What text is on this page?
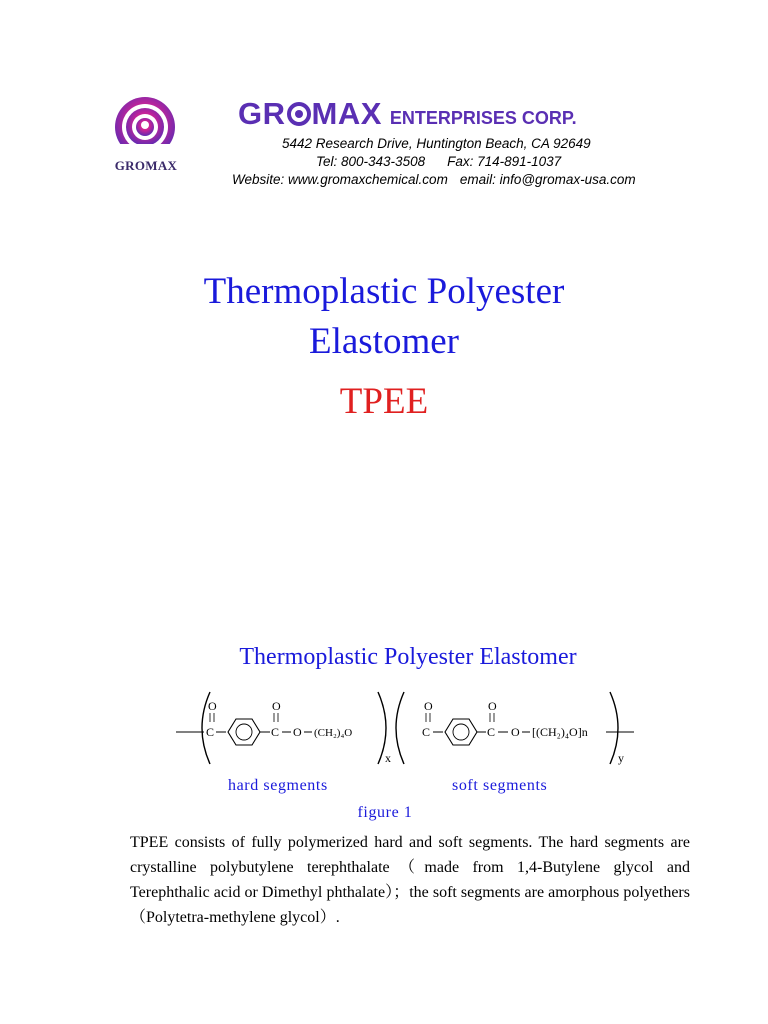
GROMAX
GR MAX ENTERPRISES CORP.
5442 Research Drive, Huntington Beach, CA 92649
Tel: 800-343-3508 Fax: 714-891-1037
Website: www.gromaxchemical.com email: info@gromax-usa.com
Thermoplastic Polyester
Elastomer
TPEE
Thermoplastic Polyester Elastomer
O
C
O
C O (CH₂)₄O
x
O
C
O
C O [(CH₂)₄O]n
y
hard segments	soft segments
figure 1
TPEE consists of fully polymerized hard and soft segments. The hard segments are crystalline polybutylene terephthalate（made from 1,4-Butylene glycol and Terephthalic acid or Dimethyl phthalate）；the soft segments are amorphous polyethers（Polytetra-methylene glycol）.
